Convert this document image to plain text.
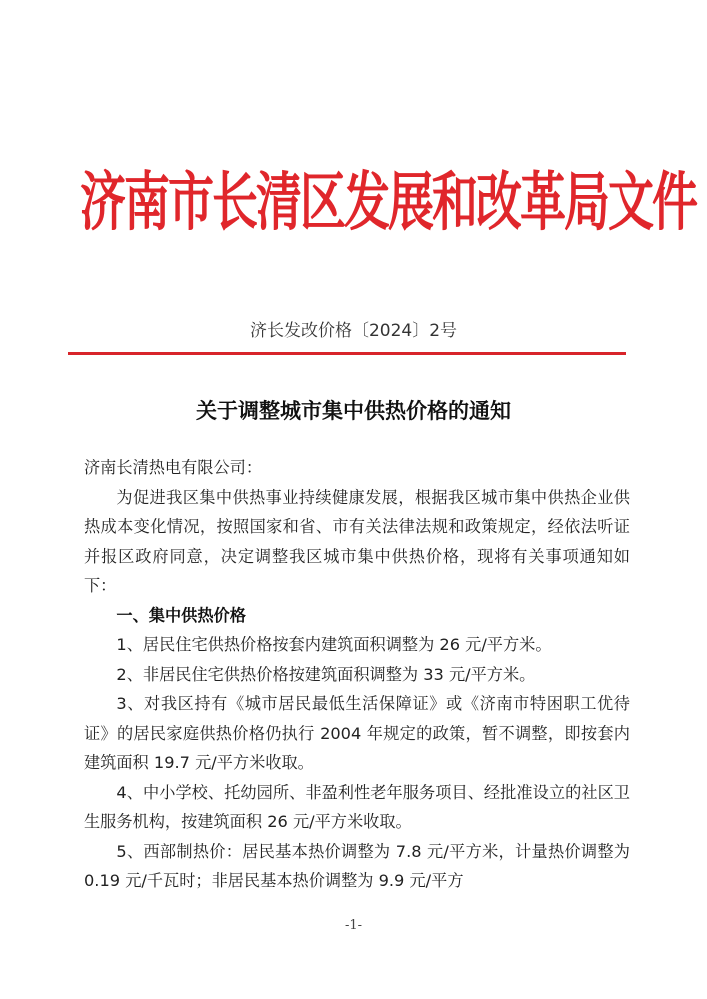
济南市长清区发展和改革局文件
济长发改价格〔2024〕2号
关于调整城市集中供热价格的通知

济南长清热电有限公司：

为促进我区集中供热事业持续健康发展，根据我区城市集中供热企业供热成本变化情况，按照国家和省、市有关法律法规和政策规定，经依法听证并报区政府同意，决定调整我区城市集中供热价格，现将有关事项通知如下：

一、集中供热价格

1、居民住宅供热价格按套内建筑面积调整为 26 元/平方米。

2、非居民住宅供热价格按建筑面积调整为 33 元/平方米。

3、对我区持有《城市居民最低生活保障证》或《济南市特困职工优待证》的居民家庭供热价格仍执行 2004 年规定的政策，暂不调整，即按套内建筑面积 19.7 元/平方米收取。

4、中小学校、托幼园所、非盈利性老年服务项目、经批准设立的社区卫生服务机构，按建筑面积 26 元/平方米收取。

5、西部制热价：居民基本热价调整为 7.8 元/平方米，计量热价调整为 0.19 元/千瓦时；非居民基本热价调整为 9.9 元/平方

-1-
